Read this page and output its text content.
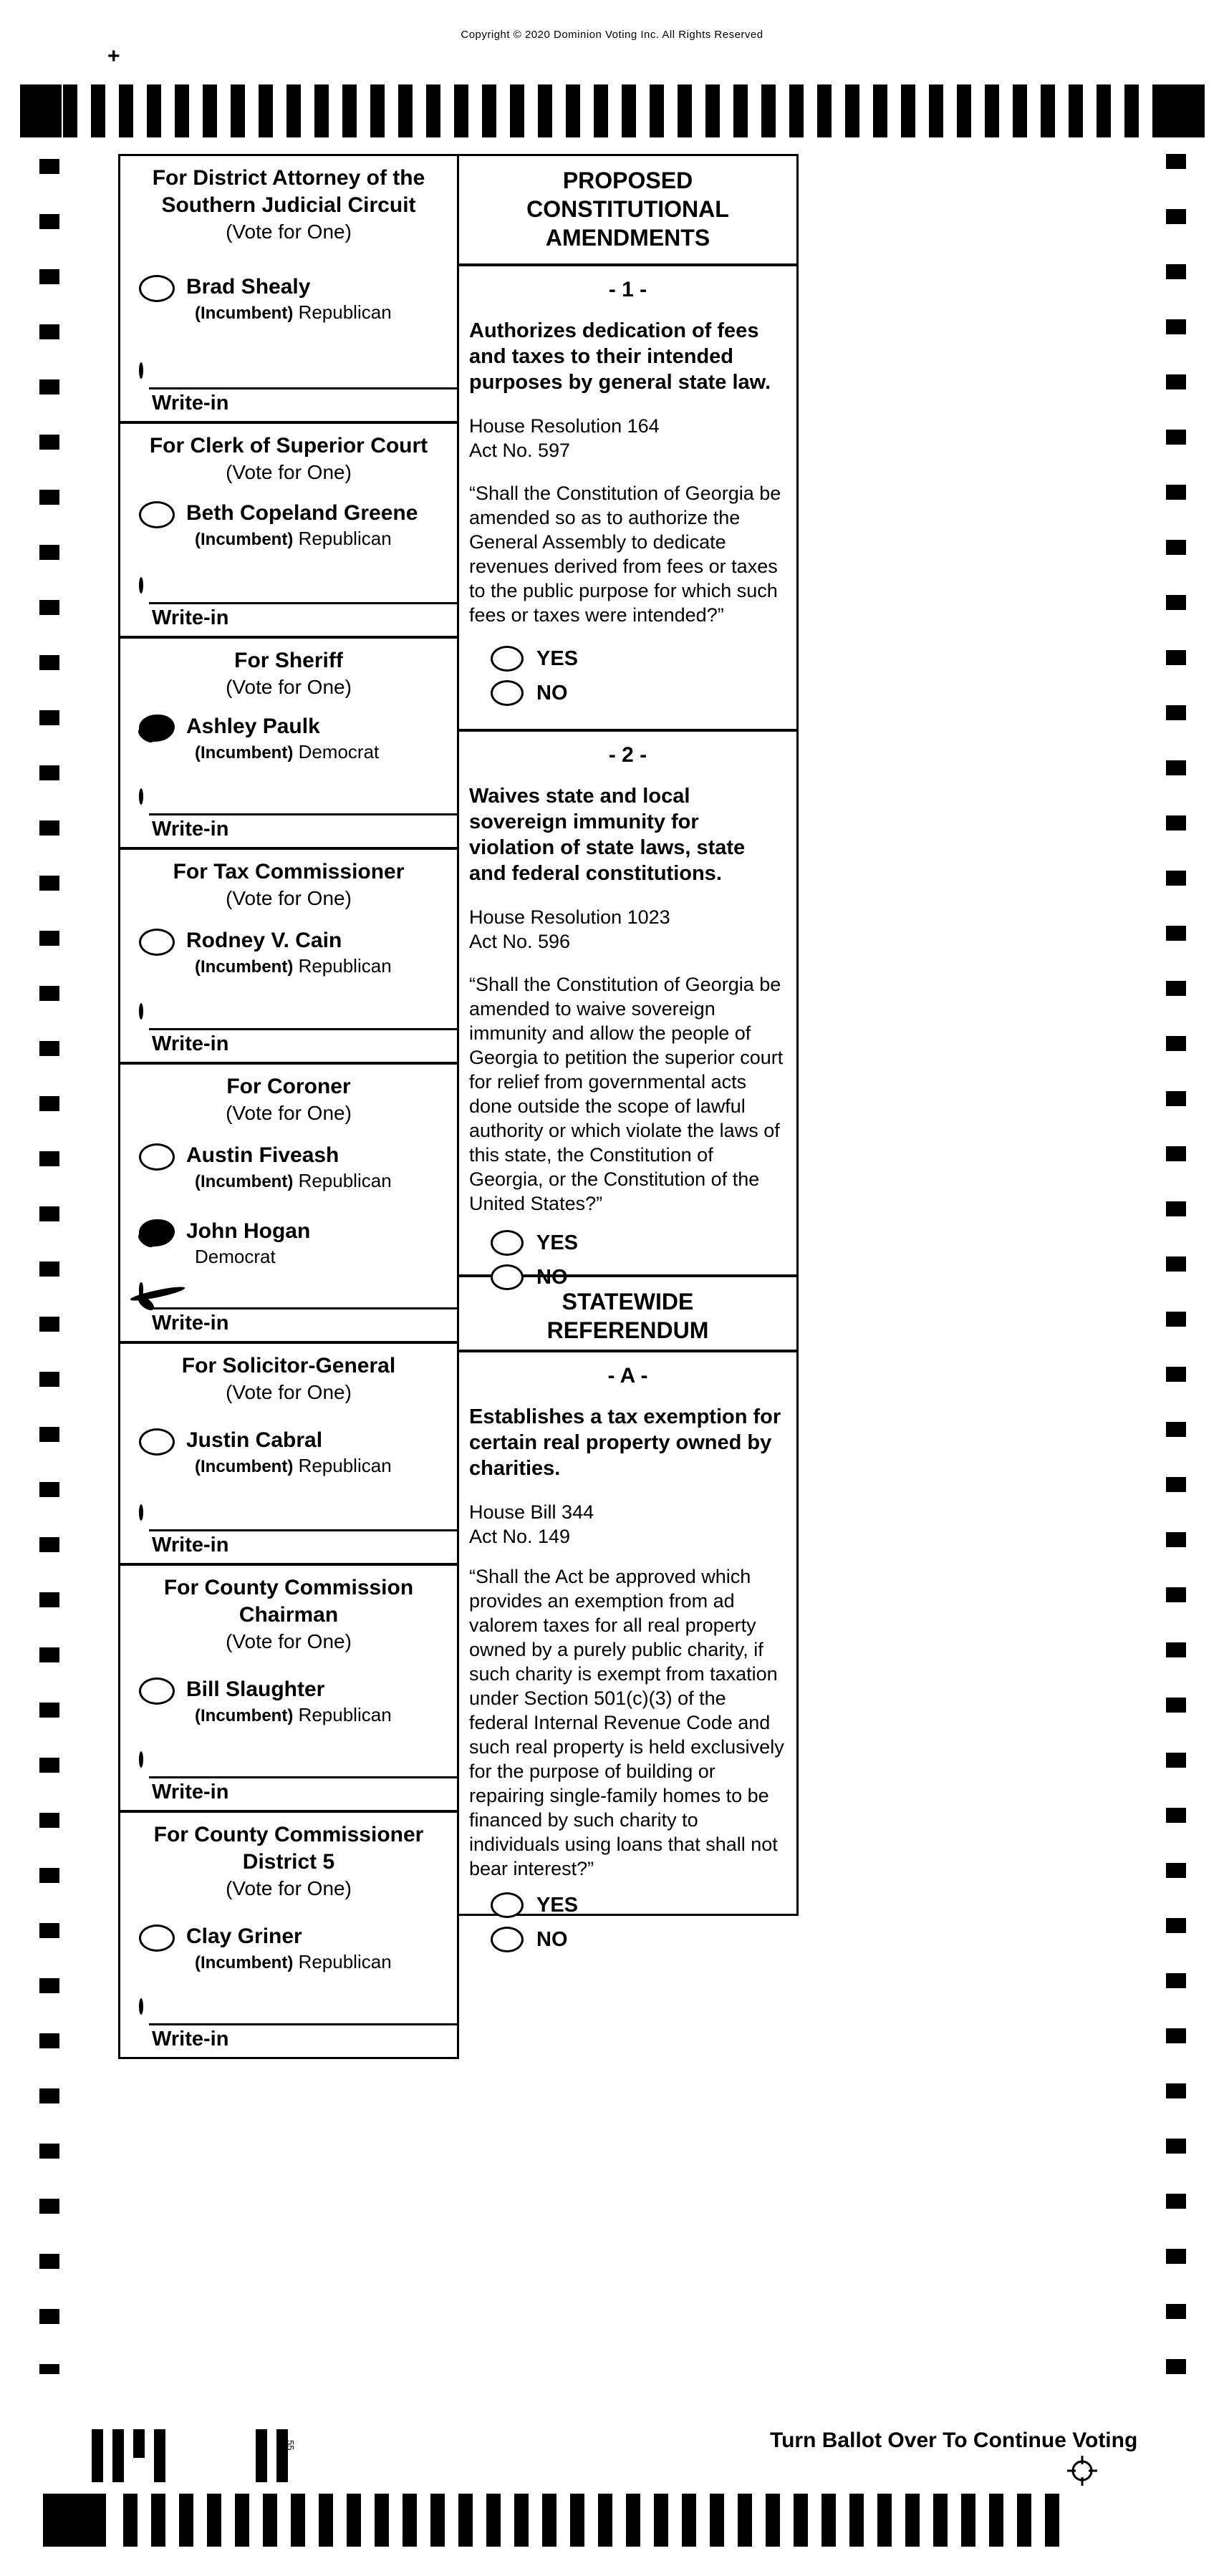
Copyright © 2020 Dominion Voting Inc. All Rights Reserved
+
For District Attorney of the
Southern Judicial Circuit
(Vote for One)
Brad Shealy
(Incumbent) Republican
Write-in
For Clerk of Superior Court
(Vote for One)
Beth Copeland Greene
(Incumbent) Republican
Write-in
For Sheriff
(Vote for One)
Ashley Paulk
(Incumbent) Democrat
Write-in
For Tax Commissioner
(Vote for One)
Rodney V. Cain
(Incumbent) Republican
Write-in
For Coroner
(Vote for One)
Austin Fiveash
(Incumbent) Republican
John Hogan
Democrat
Write-in
For Solicitor-General
(Vote for One)
Justin Cabral
(Incumbent) Republican
Write-in
For County Commission
Chairman
(Vote for One)
Bill Slaughter
(Incumbent) Republican
Write-in
For County Commissioner
District 5
(Vote for One)
Clay Griner
(Incumbent) Republican
Write-in
PROPOSED
CONSTITUTIONAL
AMENDMENTS
- 1 -
Authorizes dedication of fees and taxes to their intended purposes by general state law.
House Resolution 164
Act No. 597
“Shall the Constitution of Georgia be amended so as to authorize the General Assembly to dedicate revenues derived from fees or taxes to the public purpose for which such fees or taxes were intended?”
YES
NO
- 2 -
Waives state and local sovereign immunity for violation of state laws, state and federal constitutions.
House Resolution 1023
Act No. 596
“Shall the Constitution of Georgia be amended to waive sovereign immunity and allow the people of Georgia to petition the superior court for relief from governmental acts done outside the scope of lawful authority or which violate the laws of this state, the Constitution of Georgia, or the Constitution of the United States?”
YES
NO
STATEWIDE
REFERENDUM
- A -
Establishes a tax exemption for certain real property owned by charities.
House Bill 344
Act No. 149
“Shall the Act be approved which provides an exemption from ad valorem taxes for all real property owned by a purely public charity, if such charity is exempt from taxation under Section 501(c)(3) of the federal Internal Revenue Code and such real property is held exclusively for the purpose of building or repairing single-family homes to be financed by such charity to individuals using loans that shall not bear interest?”
YES
NO
55	Turn Ballot Over To Continue Voting
